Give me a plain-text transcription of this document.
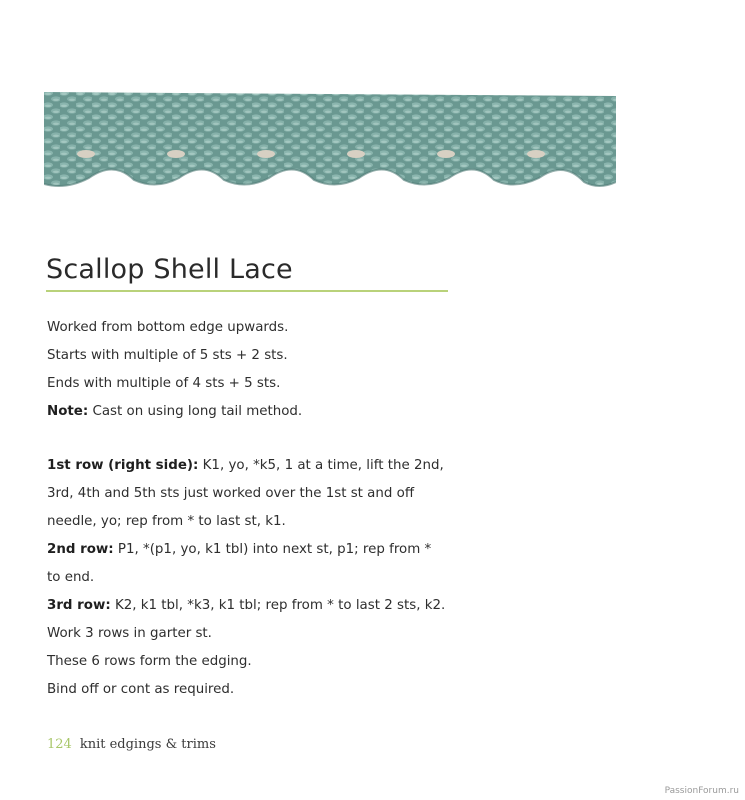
Scallop Shell Lace
Worked from bottom edge upwards.
Starts with multiple of 5 sts + 2 sts.
Ends with multiple of 4 sts + 5 sts.
Note: Cast on using long tail method.
1st row (right side): K1, yo, *k5, 1 at a time, lift the 2nd,
3rd, 4th and 5th sts just worked over the 1st st and off
needle, yo; rep from * to last st, k1.
2nd row: P1, *(p1, yo, k1 tbl) into next st, p1; rep from *
to end.
3rd row: K2, k1 tbl, *k3, k1 tbl; rep from * to last 2 sts, k2.
Work 3 rows in garter st.
These 6 rows form the edging.
Bind off or cont as required.
124 knit edgings & trims
PassionForum.ru
